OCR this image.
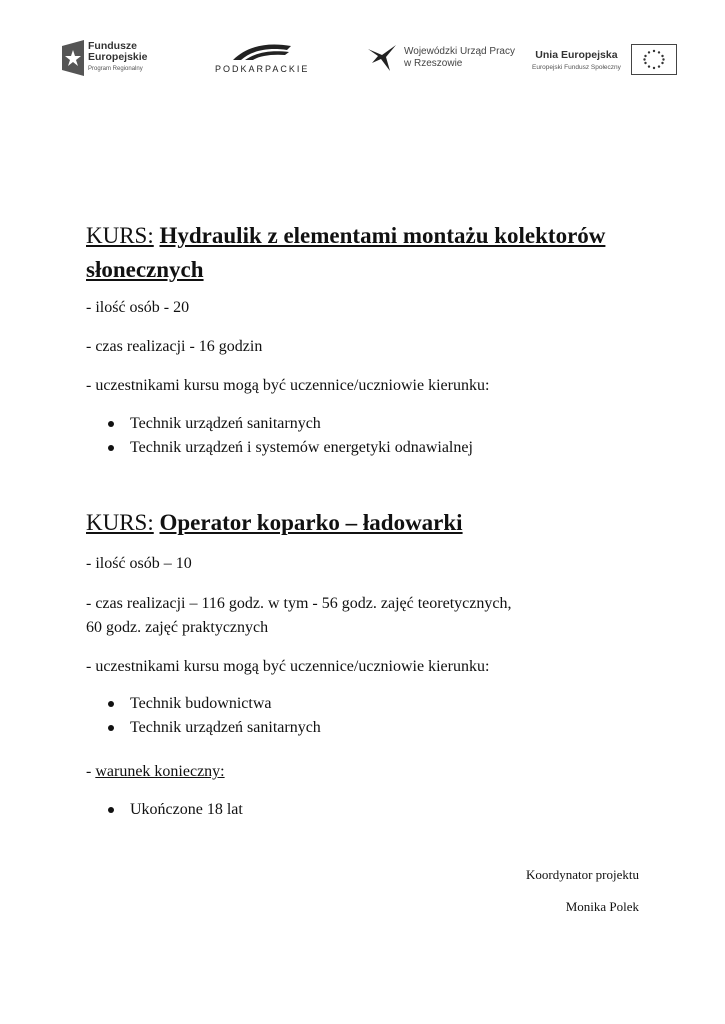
Fundusze
Europejskie
Program Regionalny	PODKARPACKIE
Wojewódzki Urząd Pracy
w Rzeszowie
Unia Europejska
Europejski Fundusz Społeczny
KURS: Hydraulik z elementami montażu kolektorów
słonecznych
- ilość osób - 20
- czas realizacji - 16 godzin
- uczestnikami kursu mogą być uczennice/uczniowie kierunku:
Technik urządzeń sanitarnych
Technik urządzeń i systemów energetyki odnawialnej
KURS: Operator koparko – ładowarki
- ilość osób – 10
- czas realizacji – 116 godz. w tym - 56 godz. zajęć teoretycznych,
60 godz. zajęć praktycznych
- uczestnikami kursu mogą być uczennice/uczniowie kierunku:
Technik budownictwa
Technik urządzeń sanitarnych
- warunek konieczny:
Ukończone 18 lat
Koordynator projektu
Monika Polek
